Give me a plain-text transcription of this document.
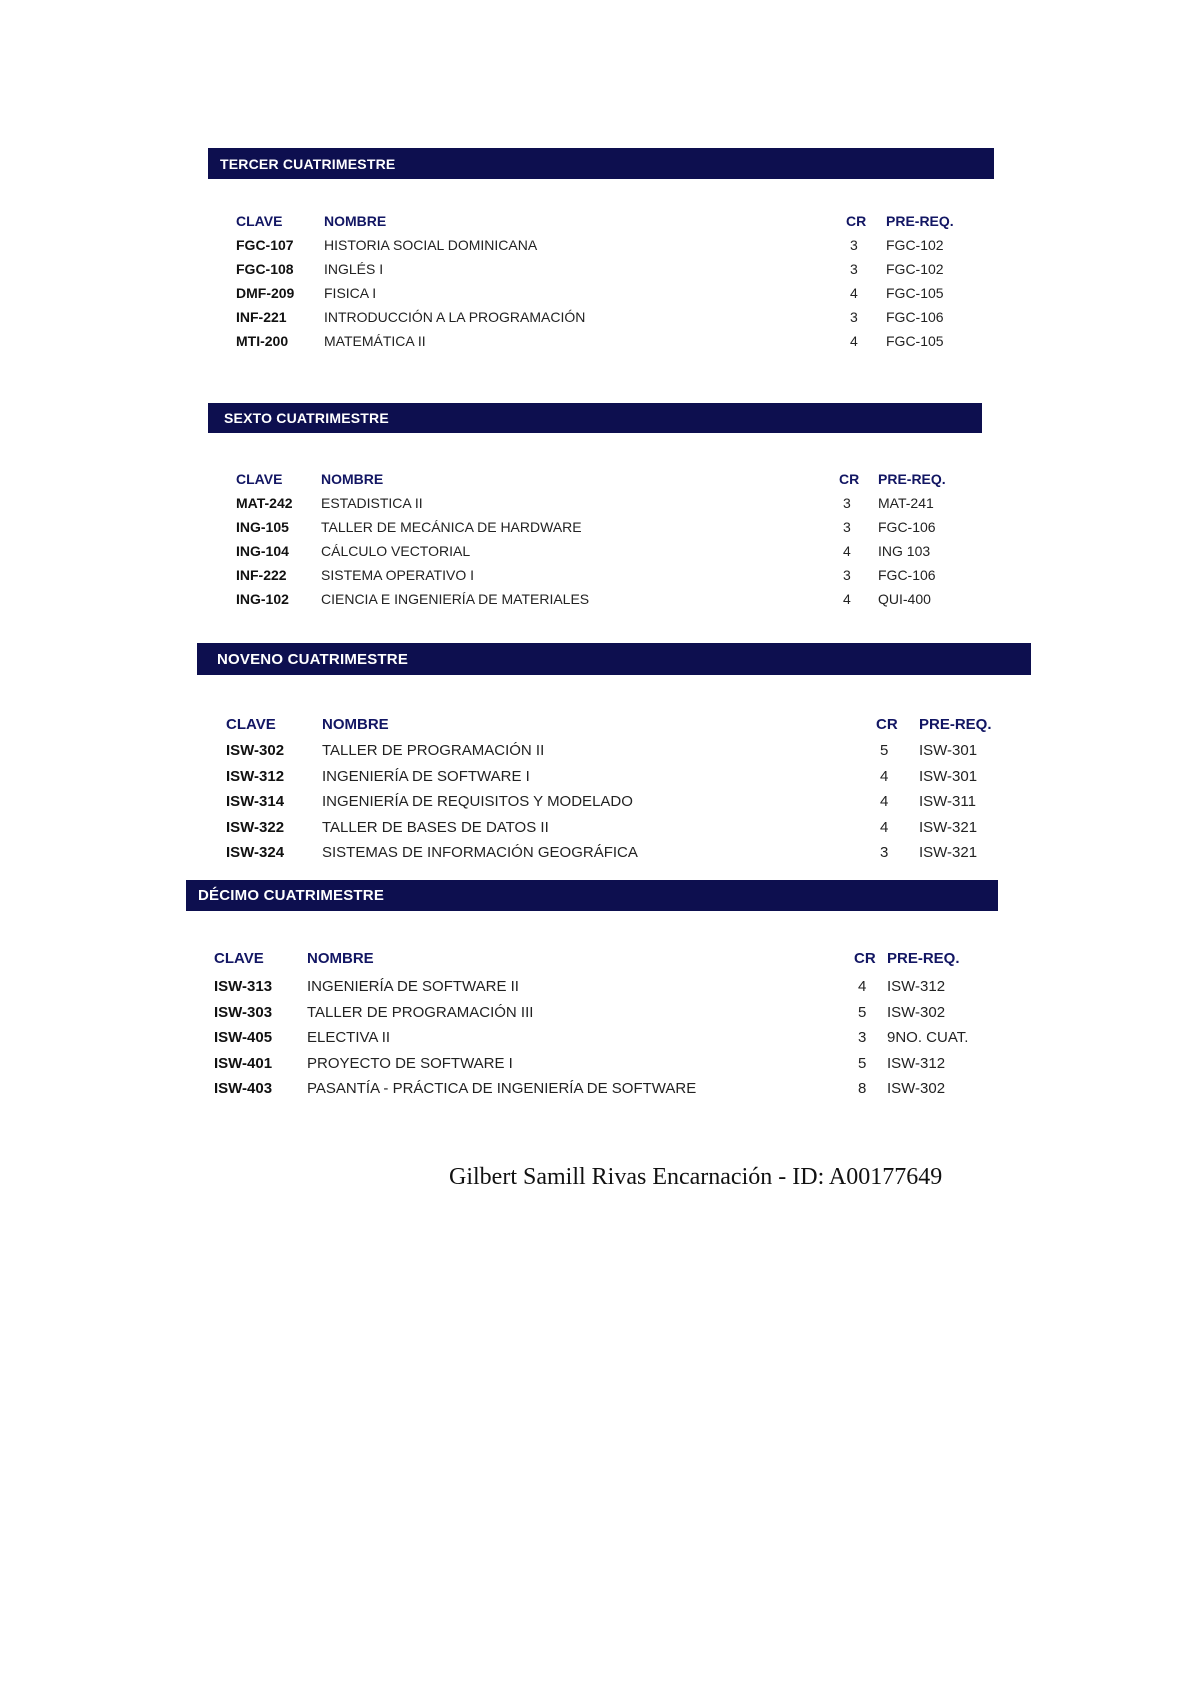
TERCER CUATRIMESTRE
CLAVE	NOMBRE	CR PRE-REQ.
FGC-107 HISTORIA SOCIAL DOMINICANA	3 FGC-102
FGC-108 INGLÉS I	3 FGC-102
DMF-209 FISICA I	4 FGC-105
INF-221	INTRODUCCIÓN A LA PROGRAMACIÓN	3 FGC-106
MTI-200	MATEMÁTICA II	4 FGC-105
SEXTO CUATRIMESTRE
CLAVE	NOMBRE	CR PRE-REQ.
MAT-242 ESTADISTICA II	3 MAT-241
ING-105 TALLER DE MECÁNICA DE HARDWARE	3 FGC-106
ING-104 CÁLCULO VECTORIAL	4 ING 103
INF-222 SISTEMA OPERATIVO I	3 FGC-106
ING-102 CIENCIA E INGENIERÍA DE MATERIALES	4 QUI-400
NOVENO CUATRIMESTRE
CLAVE	NOMBRE	CR PRE-REQ.
ISW-302	TALLER DE PROGRAMACIÓN II	5 ISW-301
ISW-312	INGENIERÍA DE SOFTWARE I	4 ISW-301
ISW-314	INGENIERÍA DE REQUISITOS Y MODELADO	4 ISW-311
ISW-322	TALLER DE BASES DE DATOS II	4 ISW-321
ISW-324	SISTEMAS DE INFORMACIÓN GEOGRÁFICA	3 ISW-321
DÉCIMO CUATRIMESTRE
CLAVE	NOMBRE	CR PRE-REQ.
ISW-313 INGENIERÍA DE SOFTWARE II	4 ISW-312
ISW-303 TALLER DE PROGRAMACIÓN III	5 ISW-302
ISW-405 ELECTIVA II	3 9NO. CUAT.
ISW-401 PROYECTO DE SOFTWARE I	5 ISW-312
ISW-403 PASANTÍA - PRÁCTICA DE INGENIERÍA DE SOFTWARE	8 ISW-302
Gilbert Samill Rivas Encarnación - ID: A00177649
